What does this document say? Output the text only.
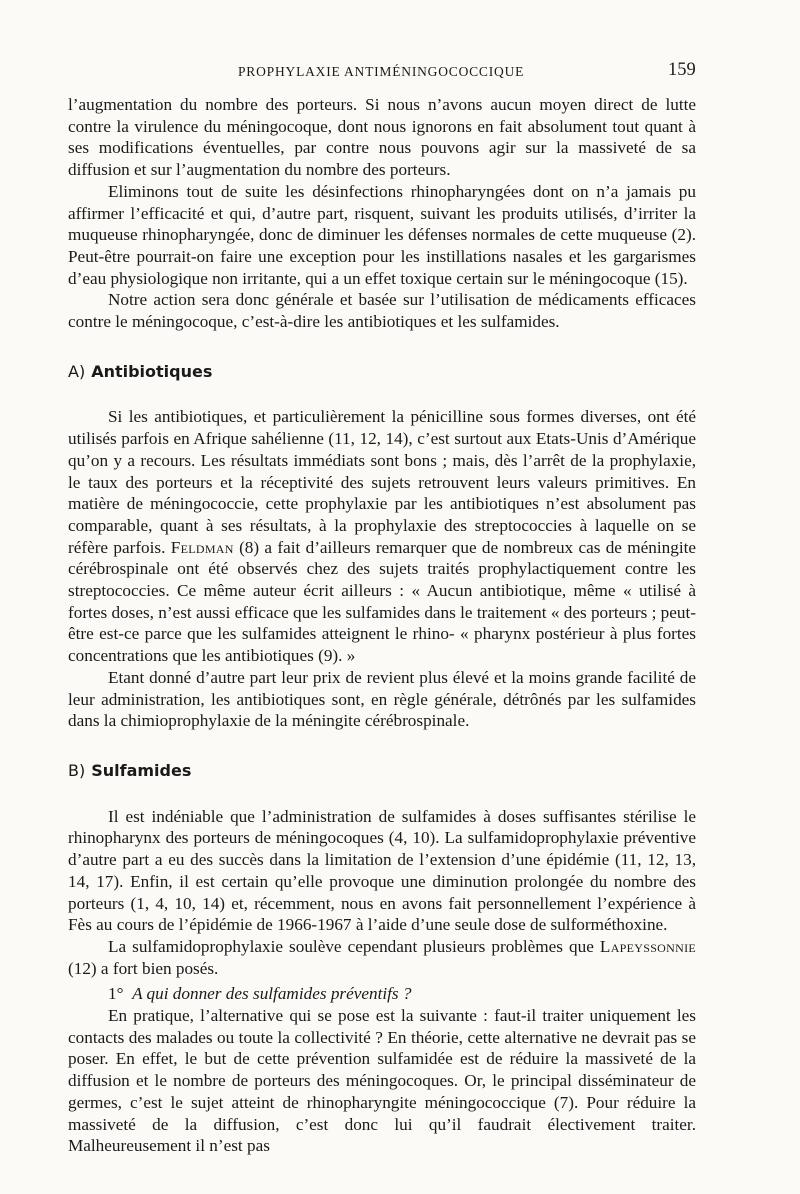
PROPHYLAXIE ANTIMÉNINGOCOCCIQUE	159

l’augmentation du nombre des porteurs. Si nous n’avons aucun moyen direct de lutte contre la virulence du méningocoque, dont nous ignorons en fait absolument tout quant à ses modifications éventuelles, par contre nous pouvons agir sur la massiveté de sa diffusion et sur l’augmentation du nombre des porteurs.

Eliminons tout de suite les désinfections rhinopharyngées dont on n’a jamais pu affirmer l’efficacité et qui, d’autre part, risquent, suivant les produits utilisés, d’irriter la muqueuse rhinopharyngée, donc de diminuer les défenses normales de cette muqueuse (2). Peut-être pourrait-on faire une exception pour les instillations nasales et les gargarismes d’eau physiologique non irritante, qui a un effet toxique certain sur le méningocoque (15).

Notre action sera donc générale et basée sur l’utilisation de médicaments efficaces contre le méningocoque, c’est-à-dire les antibiotiques et les sulfamides.

A) Antibiotiques

Si les antibiotiques, et particulièrement la pénicilline sous formes diverses, ont été utilisés parfois en Afrique sahélienne (11, 12, 14), c’est surtout aux Etats-Unis d’Amérique qu’on y a recours. Les résultats immédiats sont bons ; mais, dès l’arrêt de la prophylaxie, le taux des porteurs et la réceptivité des sujets retrouvent leurs valeurs primitives. En matière de méningococcie, cette prophylaxie par les antibiotiques n’est absolument pas comparable, quant à ses résultats, à la prophylaxie des streptococcies à laquelle on se réfère parfois. Feldman (8) a fait d’ailleurs remarquer que de nombreux cas de méningite cérébrospinale ont été observés chez des sujets traités prophylactiquement contre les streptococcies. Ce même auteur écrit ailleurs : « Aucun antibiotique, même « utilisé à fortes doses, n’est aussi efficace que les sulfamides dans le traitement « des porteurs ; peut-être est-ce parce que les sulfamides atteignent le rhino- « pharynx postérieur à plus fortes concentrations que les antibiotiques (9). »

Etant donné d’autre part leur prix de revient plus élevé et la moins grande facilité de leur administration, les antibiotiques sont, en règle générale, détrônés par les sulfamides dans la chimioprophylaxie de la méningite cérébrospinale.

B) Sulfamides

Il est indéniable que l’administration de sulfamides à doses suffisantes stérilise le rhinopharynx des porteurs de méningocoques (4, 10). La sulfamidoprophylaxie préventive d’autre part a eu des succès dans la limitation de l’extension d’une épidémie (11, 12, 13, 14, 17). Enfin, il est certain qu’elle provoque une diminution prolongée du nombre des porteurs (1, 4, 10, 14) et, récemment, nous en avons fait personnellement l’expérience à Fès au cours de l’épidémie de 1966-1967 à l’aide d’une seule dose de sulforméthoxine.

La sulfamidoprophylaxie soulève cependant plusieurs problèmes que Lapeyssonnie (12) a fort bien posés.

1° A qui donner des sulfamides préventifs ?

En pratique, l’alternative qui se pose est la suivante : faut-il traiter uniquement les contacts des malades ou toute la collectivité ? En théorie, cette alternative ne devrait pas se poser. En effet, le but de cette prévention sulfamidée est de réduire la massiveté de la diffusion et le nombre de porteurs des méningocoques. Or, le principal disséminateur de germes, c’est le sujet atteint de rhinopharyngite méningococcique (7). Pour réduire la massiveté de la diffusion, c’est donc lui qu’il faudrait électivement traiter. Malheureusement il n’est pas
